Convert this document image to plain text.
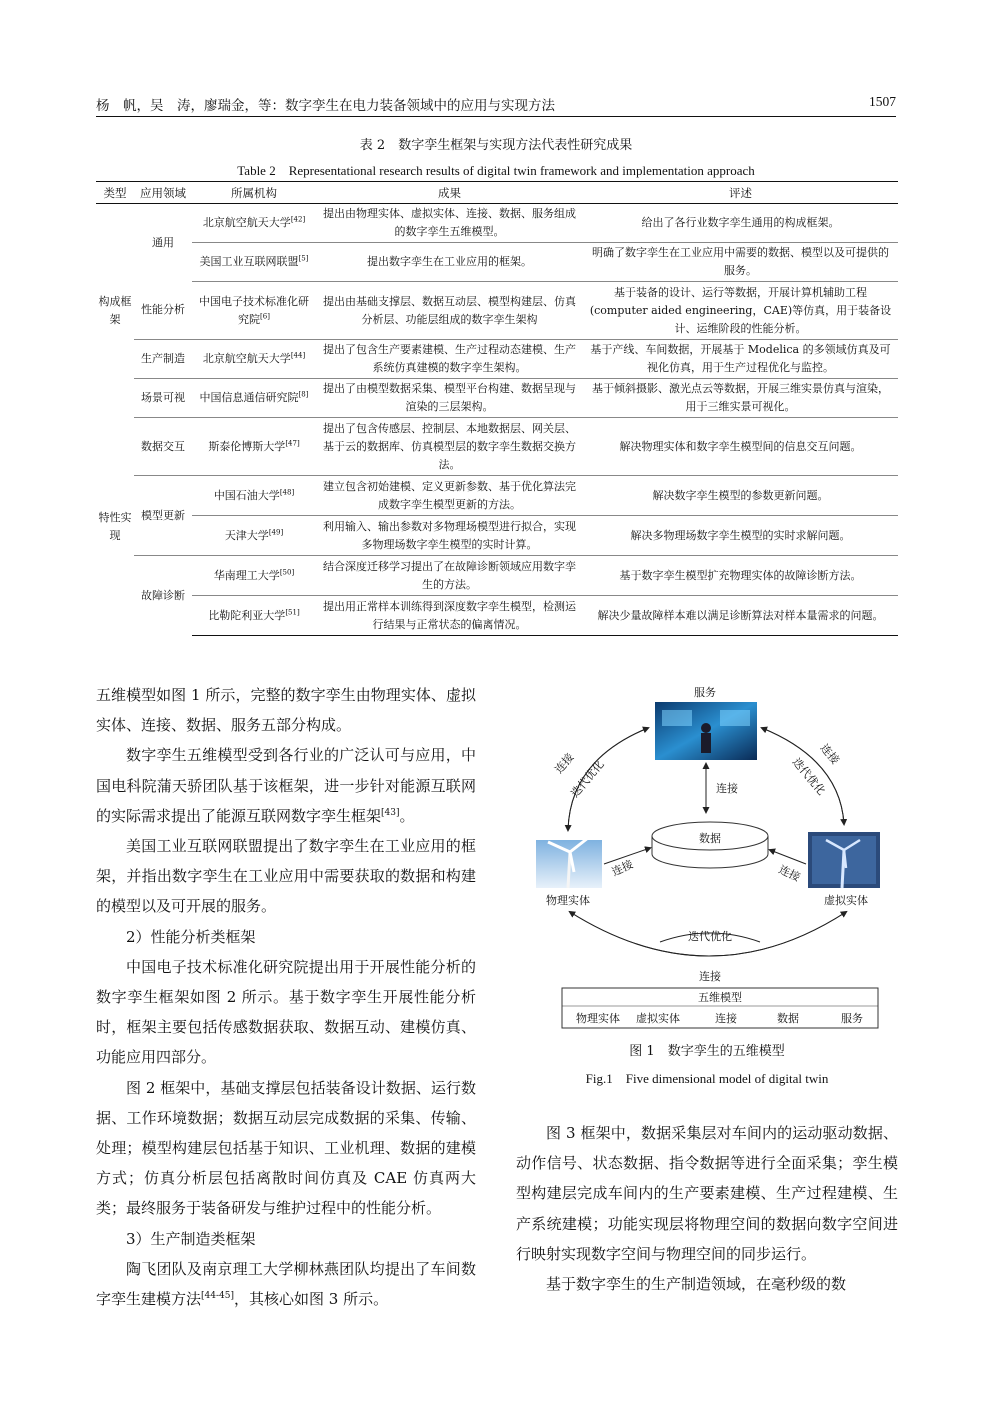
杨　帆，吴　涛，廖瑞金，等：数字孪生在电力装备领域中的应用与实现方法	1507
表 2　数字孪生框架与实现方法代表性研究成果
Table 2　Representational research results of digital twin framework and implementation approach
类型	应用领域	所属机构	成果	评述
构成框架	通用	北京航空航天大学[42]	提出由物理实体、虚拟实体、连接、数据、服务组成的数字孪生五维模型。	给出了各行业数字孪生通用的构成框架。
		美国工业互联网联盟[5]	提出数字孪生在工业应用的框架。	明确了数字孪生在工业应用中需要的数据、模型以及可提供的服务。
	性能分析	中国电子技术标准化研究院[6]	提出由基础支撑层、数据互动层、模型构建层、仿真分析层、功能层组成的数字孪生架构	基于装备的设计、运行等数据，开展计算机辅助工程(computer aided engineering，CAE)等仿真，用于装备设计、运维阶段的性能分析。
	生产制造	北京航空航天大学[44]	提出了包含生产要素建模、生产过程动态建模、生产系统仿真建模的数字孪生架构。	基于产线、车间数据，开展基于 Modelica 的多领域仿真及可视化仿真，用于生产过程优化与监控。
	场景可视	中国信息通信研究院[8]	提出了由模型数据采集、模型平台构建、数据呈现与渲染的三层架构。	基于倾斜摄影、激光点云等数据，开展三维实景仿真与渲染，用于三维实景可视化。
特性实现	数据交互	斯泰伦博斯大学[47]	提出了包含传感层、控制层、本地数据层、网关层、基于云的数据库、仿真模型层的数字孪生数据交换方法。	解决物理实体和数字孪生模型间的信息交互问题。
	模型更新	中国石油大学[48]	建立包含初始建模、定义更新参数、基于优化算法完成数字孪生模型更新的方法。	解决数字孪生模型的参数更新问题。
		天津大学[49]	利用输入、输出参数对多物理场模型进行拟合，实现多物理场数字孪生模型的实时计算。	解决多物理场数字孪生模型的实时求解问题。
	故障诊断	华南理工大学[50]	结合深度迁移学习提出了在故障诊断领域应用数字孪生的方法。	基于数字孪生模型扩充物理实体的故障诊断方法。
		比勒陀利亚大学[51]	提出用正常样本训练得到深度数字孪生模型，检测运行结果与正常状态的偏离情况。	解决少量故障样本难以满足诊断算法对样本量需求的问题。

五维模型如图 1 所示，完整的数字孪生由物理实体、虚拟实体、连接、数据、服务五部分构成。

数字孪生五维模型受到各行业的广泛认可与应用，中国电科院蒲天骄团队基于该框架，进一步针对能源互联网的实际需求提出了能源互联网数字孪生框架[43]。

美国工业互联网联盟提出了数字孪生在工业应用的框架，并指出数字孪生在工业应用中需要获取的数据和构建的模型以及可开展的服务。

2）性能分析类框架

中国电子技术标准化研究院提出用于开展性能分析的数字孪生框架如图 2 所示。基于数字孪生开展性能分析时，框架主要包括传感数据获取、数据互动、建模仿真、功能应用四部分。

图 2 框架中，基础支撑层包括装备设计数据、运行数据、工作环境数据；数据互动层完成数据的采集、传输、处理；模型构建层包括基于知识、工业机理、数据的建模方式；仿真分析层包括离散时间仿真及 CAE 仿真两大类；最终服务于装备研发与维护过程中的性能分析。

3）生产制造类框架

陶飞团队及南京理工大学柳林燕团队均提出了车间数字孪生建模方法[44-45]，其核心如图 3 所示。

服务
连接
数据
物理实体	虚拟实体
连接
迭代优化
连接
迭代优化
连接	连接
迭代优化
连接
五维模型
物理实体 虚拟实体	连接	数据	服务
图 1　数字孪生的五维模型
Fig.1　Five dimensional model of digital twin

图 3 框架中，数据采集层对车间内的运动驱动数据、动作信号、状态数据、指令数据等进行全面采集；孪生模型构建层完成车间内的生产要素建模、生产过程建模、生产系统建模；功能实现层将物理空间的数据向数字空间进行映射实现数字空间与物理空间的同步运行。

基于数字孪生的生产制造领域，在毫秒级的数
